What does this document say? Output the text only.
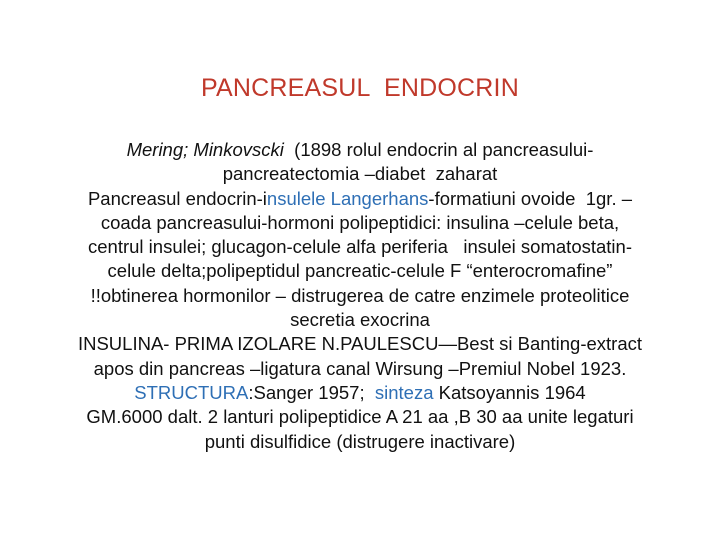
PANCREASUL  ENDOCRIN
Mering; Minkovscki  (1898 rolul endocrin al pancreasului-
pancreatectomia –diabet  zaharat
Pancreasul endocrin-insulele Langerhans-formatiuni ovoide  1gr. –
coada pancreasului-hormoni polipeptidici: insulina –celule beta,
centrul insulei; glucagon-celule alfa periferia   insulei somatostatin-
celule delta;polipeptidul pancreatic-celule F “enterocromafine”
!!obtinerea hormonilor – distrugerea de catre enzimele proteolitice
secretia exocrina
INSULINA- PRIMA IZOLARE N.PAULESCU—Best si Banting-extract
apos din pancreas –ligatura canal Wirsung –Premiul Nobel 1923.
STRUCTURA:Sanger 1957;  sinteza Katsoyannis 1964
GM.6000 dalt. 2 lanturi polipeptidice A 21 aa ,B 30 aa unite legaturi
punti disulfidice (distrugere inactivare)
